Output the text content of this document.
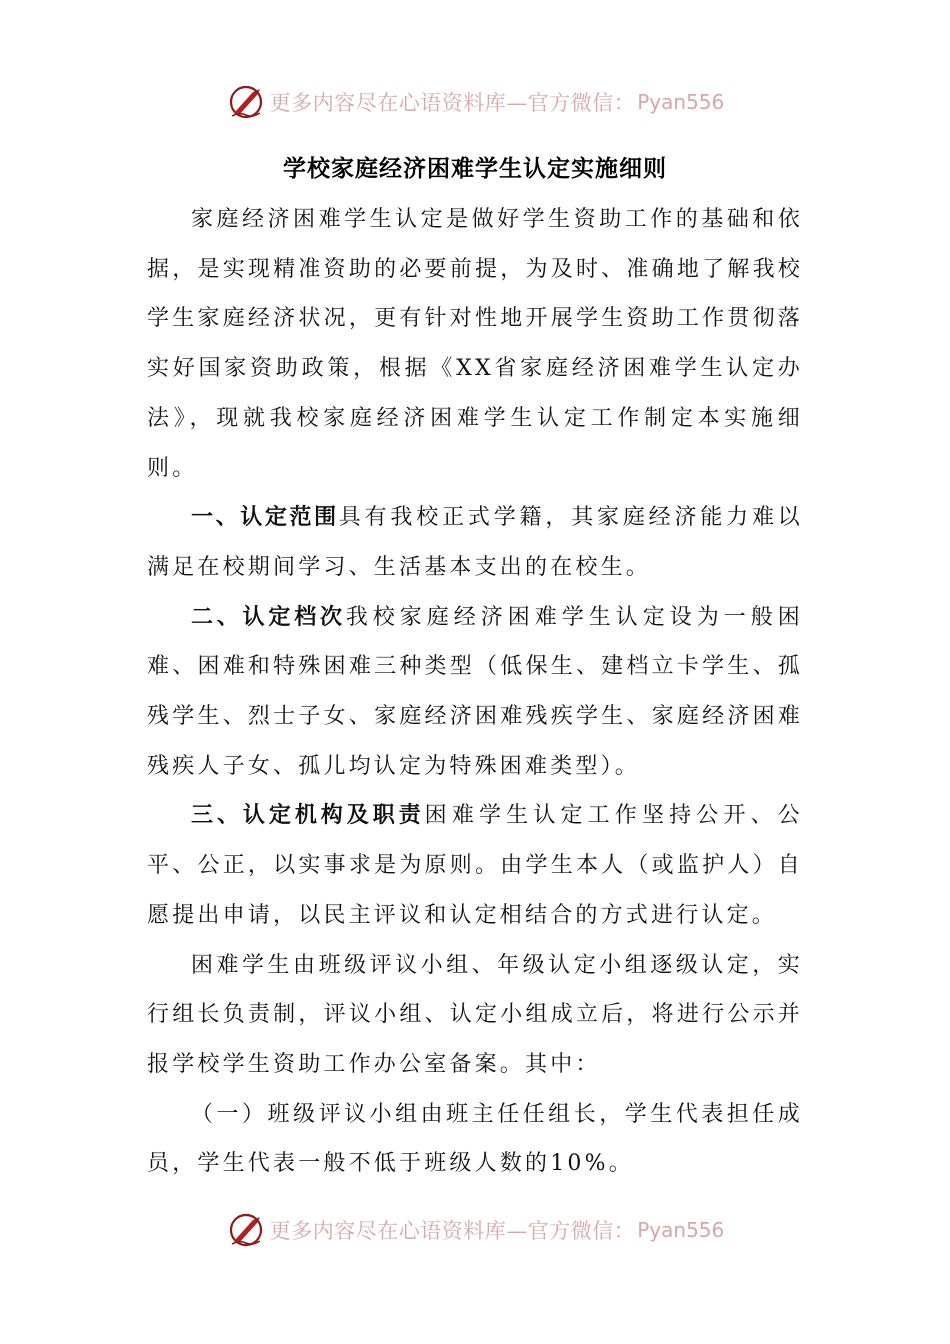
更多内容尽在心语资料库—官方微信： Pyan556
学校家庭经济困难学生认定实施细则

家庭经济困难学生认定是做好学生资助工作的基础和依据，是实现精准资助的必要前提，为及时、准确地了解我校学生家庭经济状况，更有针对性地开展学生资助工作贯彻落实好国家资助政策，根据《XX省家庭经济困难学生认定办法》，现就我校家庭经济困难学生认定工作制定本实施细则。

一、认定范围具有我校正式学籍，其家庭经济能力难以满足在校期间学习、生活基本支出的在校生。

二、认定档次我校家庭经济困难学生认定设为一般困难、困难和特殊困难三种类型（低保生、建档立卡学生、孤残学生、烈士子女、家庭经济困难残疾学生、家庭经济困难残疾人子女、孤儿均认定为特殊困难类型）。

三、认定机构及职责困难学生认定工作坚持公开、公平、公正，以实事求是为原则。由学生本人（或监护人）自愿提出申请，以民主评议和认定相结合的方式进行认定。

困难学生由班级评议小组、年级认定小组逐级认定，实行组长负责制，评议小组、认定小组成立后，将进行公示并报学校学生资助工作办公室备案。其中：

（一）班级评议小组由班主任任组长，学生代表担任成员，学生代表一般不低于班级人数的10%。

更多内容尽在心语资料库—官方微信： Pyan556
